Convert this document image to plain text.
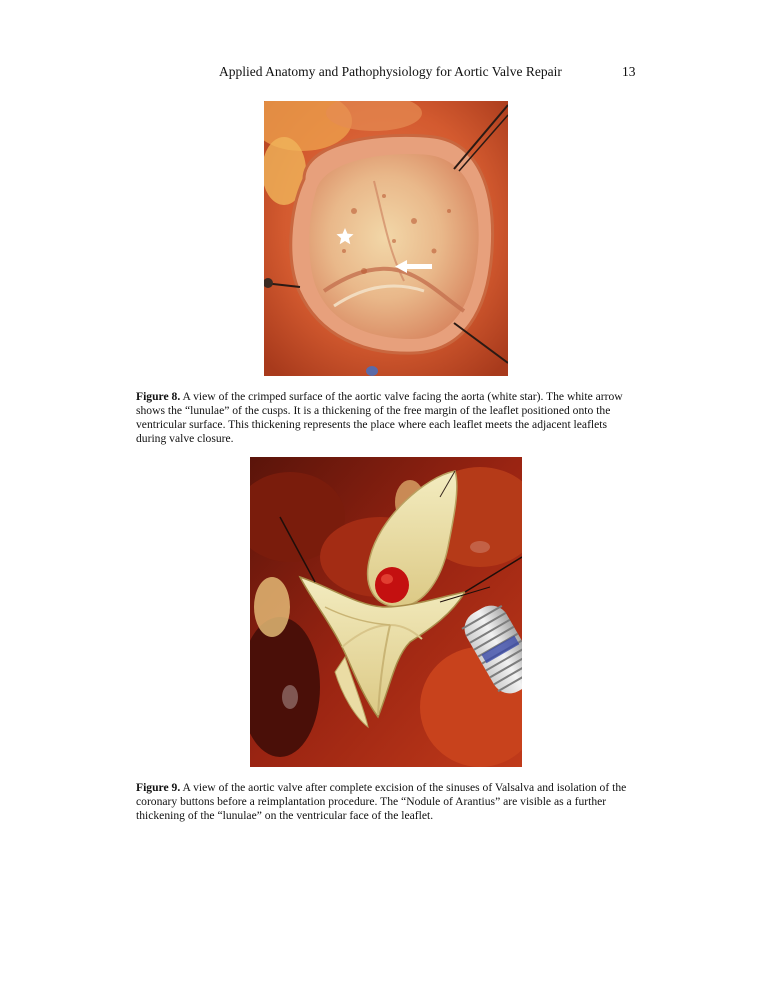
Applied Anatomy and Pathophysiology for Aortic Valve Repair	13
Figure 8. A view of the crimped surface of the aortic valve facing the aorta (white star). The white arrow shows the “lunulae” of the cusps. It is a thickening of the free margin of the leaflet positioned onto the ventricular surface. This thickening represents the place where each leaflet meets the adjacent leaflets during valve closure.
Figure 9. A view of the aortic valve after complete excision of the sinuses of Valsalva and isolation of the coronary buttons before a reimplantation procedure. The “Nodule of Arantius” are visible as a further thickening of the “lunulae” on the ventricular face of the leaflet.
